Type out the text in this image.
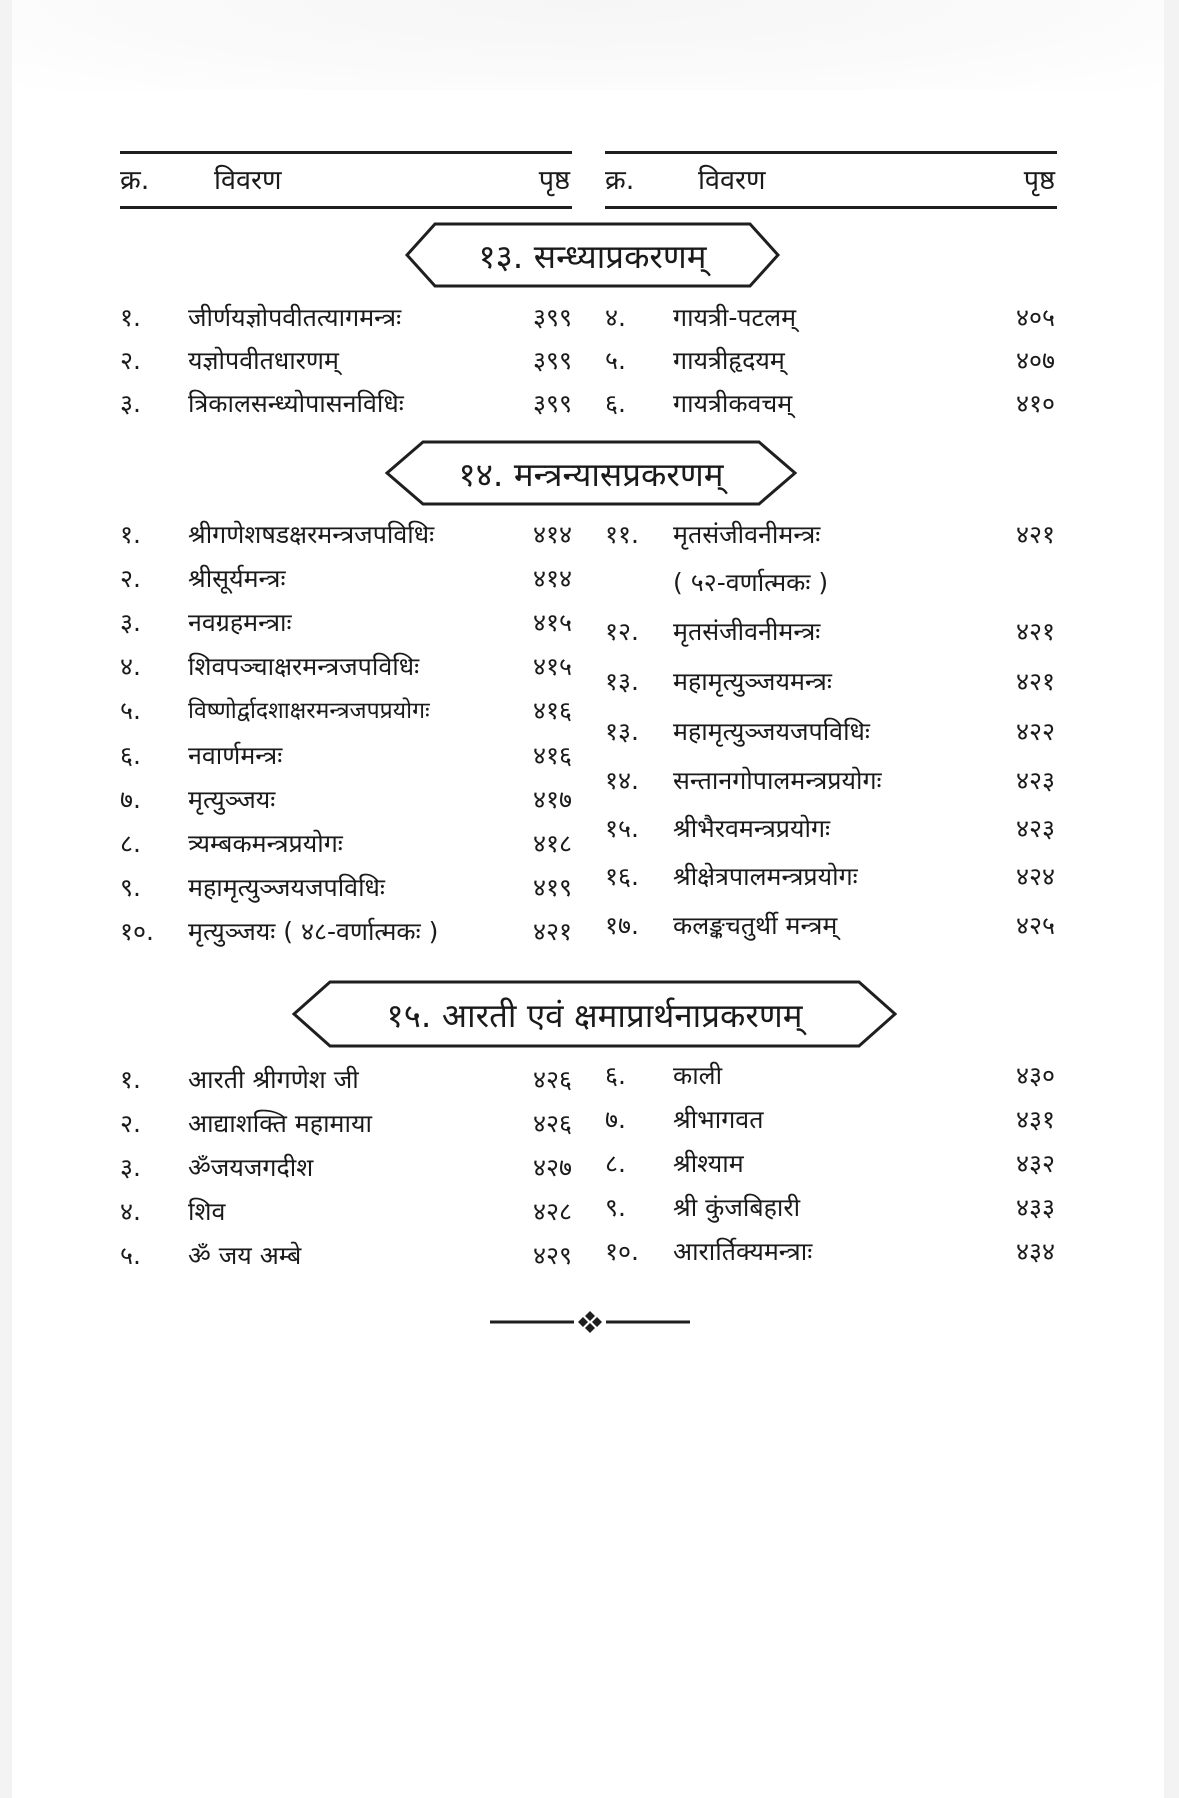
क्र. विवरण	पृष्ठ क्र. विवरण	पृष्ठ
१३. सन्ध्याप्रकरणम्
१. जीर्णयज्ञोपवीतत्यागमन्त्रः	३९९
२. यज्ञोपवीतधारणम्	३९९
३. त्रिकालसन्ध्योपासनविधिः	३९९
४. गायत्री-पटलम्	४०५
५. गायत्रीहृदयम्	४०७
६. गायत्रीकवचम्	४१०
१४. मन्त्रन्यासप्रकरणम्
१. श्रीगणेशषडक्षरमन्त्रजपविधिः	४१४
२. श्रीसूर्यमन्त्रः	४१४
३. नवग्रहमन्त्राः	४१५
४. शिवपञ्चाक्षरमन्त्रजपविधिः	४१५
५. विष्णोर्द्वादशाक्षरमन्त्रजपप्रयोगः	४१६
६. नवार्णमन्त्रः	४१६
७. मृत्युञ्जयः	४१७
८. त्र्यम्बकमन्त्रप्रयोगः	४१८
९. महामृत्युञ्जयजपविधिः	४१९
१०. मृत्युञ्जयः ( ४८-वर्णात्मकः )	४२१
११. मृतसंजीवनीमन्त्रः	४२१
( ५२-वर्णात्मकः )
१२. मृतसंजीवनीमन्त्रः	४२१
१३. महामृत्युञ्जयमन्त्रः	४२१
१३. महामृत्युञ्जयजपविधिः	४२२
१४. सन्तानगोपालमन्त्रप्रयोगः	४२३
१५. श्रीभैरवमन्त्रप्रयोगः	४२३
१६. श्रीक्षेत्रपालमन्त्रप्रयोगः	४२४
१७. कलङ्कचतुर्थी मन्त्रम्	४२५
१५. आरती एवं क्षमाप्रार्थनाप्रकरणम्
१. आरती श्रीगणेश जी	४२६
२. आद्याशक्ति महामाया	४२६
३. ॐजयजगदीश	४२७
४. शिव	४२८
५. ॐ जय अम्बे	४२९
६. काली	४३०
७. श्रीभागवत	४३१
८. श्रीश्याम	४३२
९. श्री कुंजबिहारी	४३३
१०. आरार्तिक्यमन्त्राः	४३४
